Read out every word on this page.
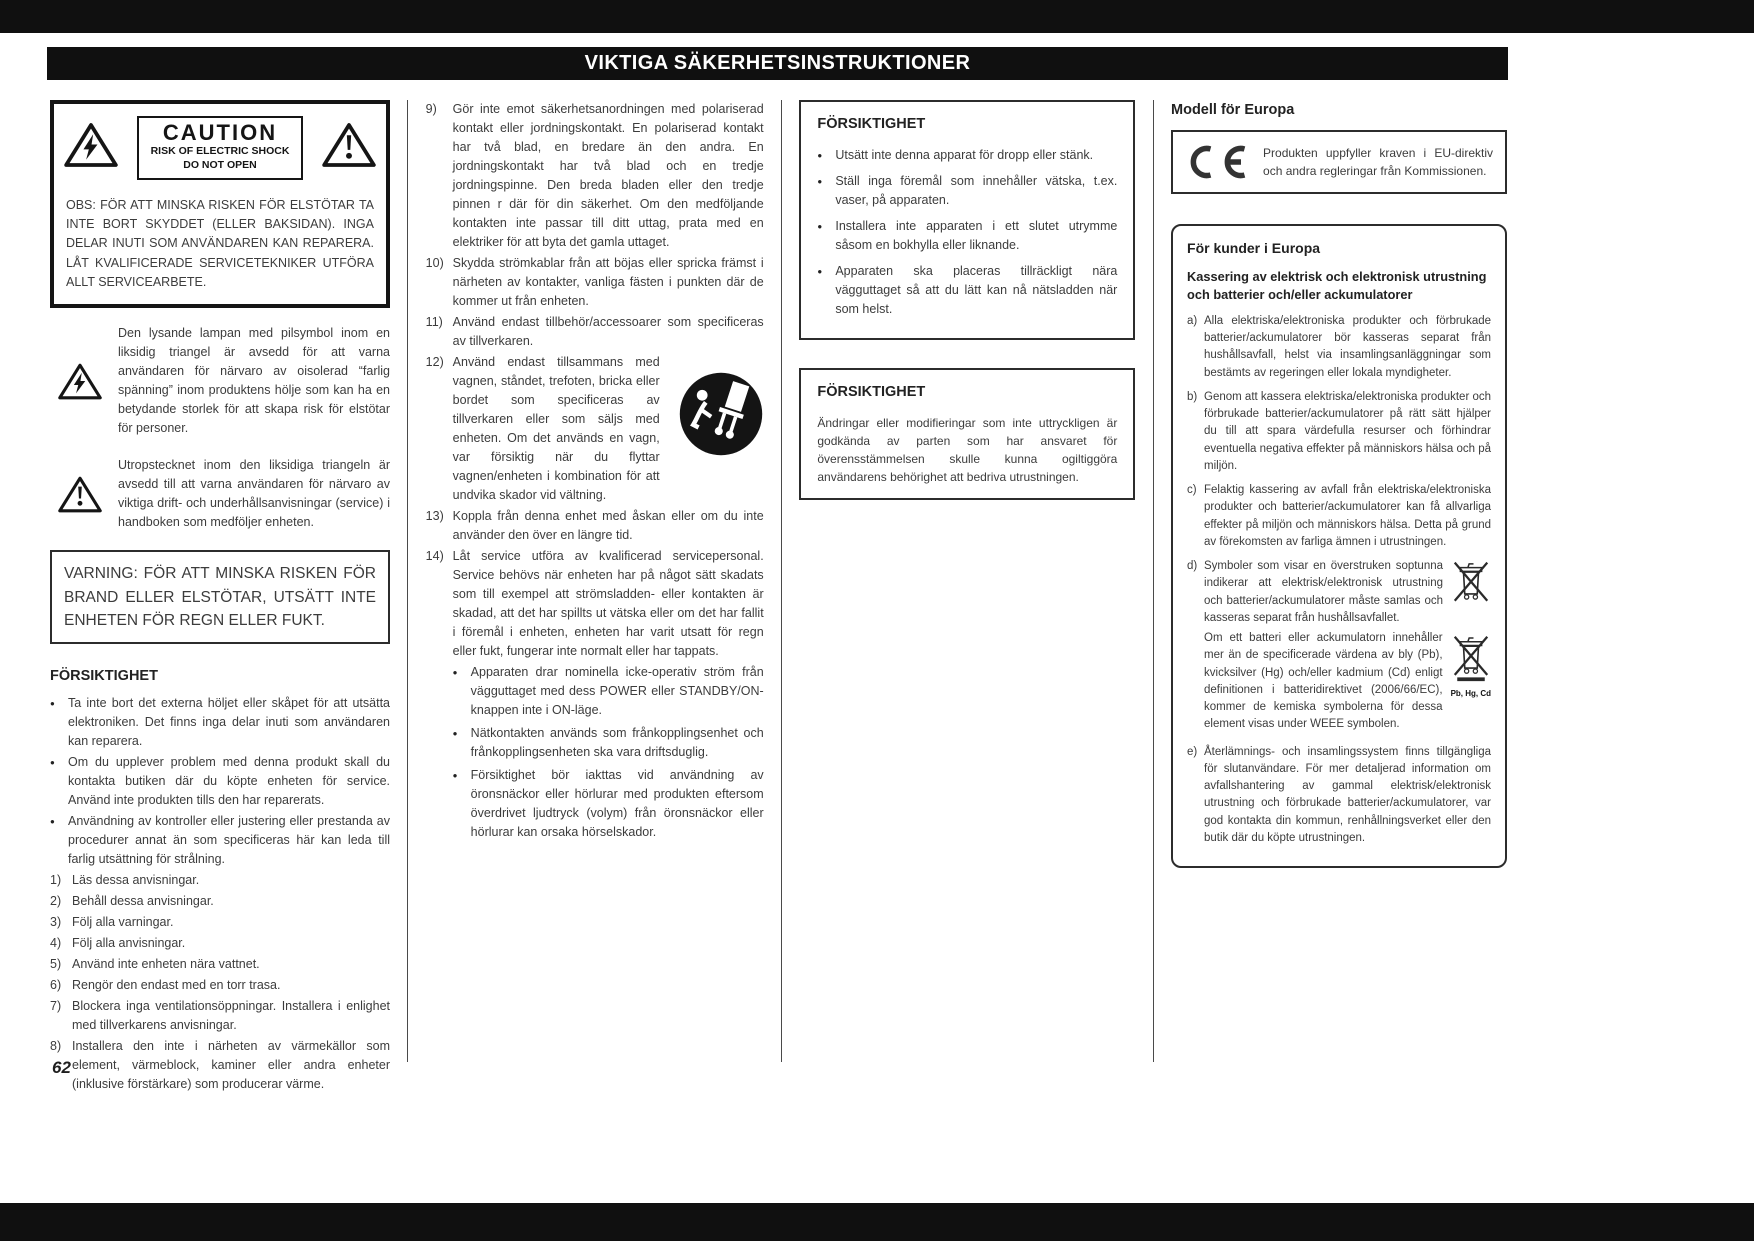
VIKTIGA SÄKERHETSINSTRUKTIONER
CAUTION
RISK OF ELECTRIC SHOCK
DO NOT OPEN

OBS: FÖR ATT MINSKA RISKEN FÖR ELSTÖTAR TA INTE BORT SKYDDET (ELLER BAKSIDAN). INGA DELAR INUTI SOM ANVÄNDAREN KAN REPARERA. LÅT KVALIFICERADE SERVICETEKNIKER UTFÖRA ALLT SERVICEARBETE.

Den lysande lampan med pilsymbol inom en liksidig triangel är avsedd för att varna användaren för närvaro av oisolerad “farlig spänning” inom produktens hölje som kan ha en betydande storlek för att skapa risk för elstötar för personer.

Utropstecknet inom den liksidiga triangeln är avsedd till att varna användaren för närvaro av viktiga drift- och underhållsanvisningar (service) i handboken som medföljer enheten.

VARNING: FÖR ATT MINSKA RISKEN FÖR BRAND ELLER ELSTÖTAR, UTSÄTT INTE ENHETEN FÖR REGN ELLER FUKT.
FÖRSIKTIGHET
●	Ta inte bort det externa höljet eller skåpet för att utsätta elektroniken. Det finns inga delar inuti som användaren kan reparera.
●	Om du upplever problem med denna produkt skall du kontakta butiken där du köpte enheten för service. Använd inte produkten tills den har reparerats.
●	Användning av kontroller eller justering eller prestanda av procedurer annat än som specificeras här kan leda till farlig utsättning för strålning.
1) Läs dessa anvisningar.
2) Behåll dessa anvisningar.
3) Följ alla varningar.
4) Följ alla anvisningar.
5) Använd inte enheten nära vattnet.
6) Rengör den endast med en torr trasa.
7) Blockera inga ventilationsöppningar. Installera i enlighet med tillverkarens anvisningar.
8) Installera den inte i närheten av värmekällor som element, värmeblock, kaminer eller andra enheter (inklusive förstärkare) som producerar värme.
9)	Gör inte emot säkerhetsanordningen med polariserad kontakt eller jordningskontakt. En polariserad kontakt har två blad, en bredare än den andra. En jordningskontakt har två blad och en tredje jordningspinne. Den breda bladen eller den tredje pinnen r där för din säkerhet. Om den medföljande kontakten inte passar till ditt uttag, prata med en elektriker för att byta det gamla uttaget.
10) Skydda strömkablar från att böjas eller spricka främst i närheten av kontakter, vanliga fästen i punkten där de kommer ut från enheten.
11) Använd endast tillbehör/accessoarer som specificeras av tillverkaren.
12) Använd endast tillsammans med vagnen, ståndet, trefoten, bricka eller bordet som specificeras av tillverkaren eller som säljs med enheten. Om det används en vagn, var försiktig när du flyttar vagnen/enheten i kombination för att undvika skador vid vältning.
13) Koppla från denna enhet med åskan eller om du inte använder den över en längre tid.
14) Låt service utföra av kvalificerad servicepersonal. Service behövs när enheten har på något sätt skadats som till exempel att strömsladden- eller kontakten är skadad, att det har spillts ut vätska eller om det har fallit i föremål i enheten, enheten har varit utsatt för regn eller fukt, fungerar inte normalt eller har tappats.
●	Apparaten drar nominella icke-operativ ström från vägguttaget med dess POWER eller STANDBY/ON-knappen inte i ON-läge.
●	Nätkontakten används som frånkopplingsenhet och frånkopplingsenheten ska vara driftsduglig.
●	Försiktighet bör iakttas vid användning av öronsnäckor eller hörlurar med produkten eftersom överdrivet ljudtryck (volym) från öronsnäckor eller hörlurar kan orsaka hörselskador.
FÖRSIKTIGHET
●	Utsätt inte denna apparat för dropp eller stänk.
●	Ställ inga föremål som innehåller vätska, t.ex. vaser, på apparaten.
●	Installera inte apparaten i ett slutet utrymme såsom en bokhylla eller liknande.
●	Apparaten ska placeras tillräckligt nära vägguttaget så att du lätt kan nå nätsladden när som helst.
FÖRSIKTIGHET

Ändringar eller modifieringar som inte uttryckligen är godkända av parten som har ansvaret för överensstämmelsen skulle kunna ogiltiggöra användarens behörighet att bedriva utrustningen.

Modell för Europa

Produkten uppfyller kraven i EU-direktiv och andra regleringar från Kommissionen.

För kunder i Europa
Kassering av elektrisk och elektronisk utrustning och batterier och/eller ackumulatorer
a) Alla elektriska/elektroniska produkter och förbrukade batterier/ackumulatorer bör kasseras separat från hushållsavfall, helst via insamlingsanläggningar som bestämts av regeringen eller lokala myndigheter.
b) Genom att kassera elektriska/elektroniska produkter och förbrukade batterier/ackumulatorer på rätt sätt hjälper du till att spara värdefulla resurser och förhindrar eventuella negativa effekter på människors hälsa och på miljön.
c) Felaktig kassering av avfall från elektriska/elektroniska produkter och batterier/ackumulatorer kan få allvarliga effekter på miljön och människors hälsa. Detta på grund av förekomsten av farliga ämnen i utrustningen.
d) Symboler som visar en överstruken soptunna indikerar att elektrisk/elektronisk utrustning och batterier/ackumulatorer måste samlas och kasseras separat från hushållsavfallet.

Pb, Hg, Cd
Om ett batteri eller ackumulatorn innehåller mer än de specificerade värdena av bly (Pb), kvicksilver (Hg) och/eller kadmium (Cd) enligt definitionen i batteridirektivet (2006/66/EC), kommer de kemiska symbolerna för dessa element visas under WEEE symbolen.

e) Återlämnings- och insamlingssystem finns tillgängliga för slutanvändare. För mer detaljerad information om avfallshantering av gammal elektrisk/elektronisk utrustning och förbrukade batterier/ackumulatorer, var god kontakta din kommun, renhållningsverket eller den butik där du köpte utrustningen.
62
